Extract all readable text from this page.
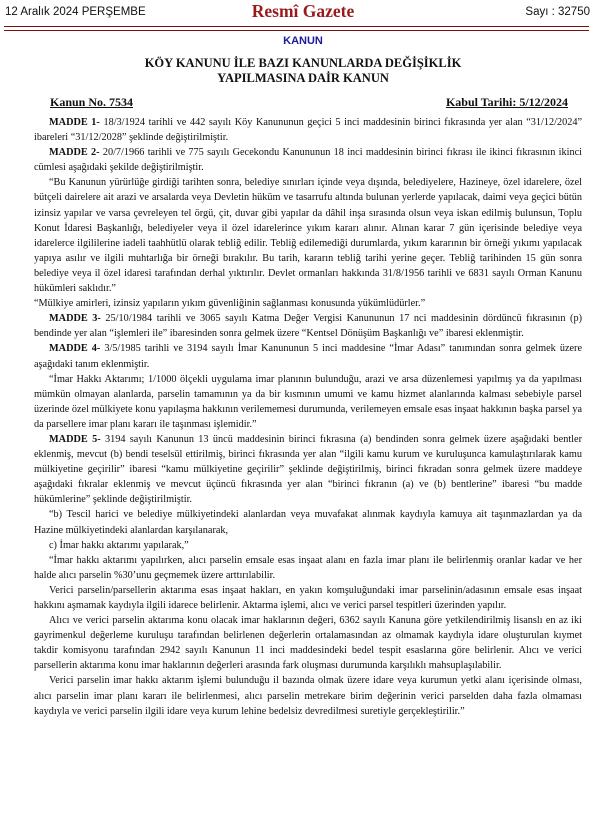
12 Aralık 2024 PERŞEMBE	Resmî Gazete	Sayı : 32750
KANUN
KÖY KANUNU İLE BAZI KANUNLARDA DEĞİŞİKLİK
YAPILMASINA DAİR KANUN
Kanun No. 7534	Kabul Tarihi: 5/12/2024

MADDE 1- 18/3/1924 tarihli ve 442 sayılı Köy Kanununun geçici 5 inci maddesinin birinci fıkrasında yer alan “31/12/2024” ibareleri “31/12/2028” şeklinde değiştirilmiştir.

MADDE 2- 20/7/1966 tarihli ve 775 sayılı Gecekondu Kanununun 18 inci maddesinin birinci fıkrası ile ikinci fıkrasının ikinci cümlesi aşağıdaki şekilde değiştirilmiştir.

“Bu Kanunun yürürlüğe girdiği tarihten sonra, belediye sınırları içinde veya dışında, belediyelere, Hazineye, özel idarelere, özel bütçeli dairelere ait arazi ve arsalarda veya Devletin hüküm ve tasarrufu altında bulunan yerlerde yapılacak, daimi veya geçici bütün izinsiz yapılar ve varsa çevreleyen tel örgü, çit, duvar gibi yapılar da dâhil inşa sırasında olsun veya iskan edilmiş bulunsun, Toplu Konut İdaresi Başkanlığı, belediyeler veya il özel idarelerince yıkım kararı alınır. Alınan karar 7 gün içerisinde belediye veya idarelerce ilgililerine iadeli taahhütlü olarak tebliğ edilir. Tebliğ edilemediği durumlarda, yıkım kararının bir örneği yıkımı yapılacak yapıya asılır ve ilgili muhtarlığa bir örneği bırakılır. Bu tarih, kararın tebliğ tarihi yerine geçer. Tebliğ tarihinden 15 gün sonra belediye veya il özel idaresi tarafından derhal yıktırılır. Devlet ormanları hakkında 31/8/1956 tarihli ve 6831 sayılı Orman Kanunu hükümleri saklıdır.”

“Mülkiye amirleri, izinsiz yapıların yıkım güvenliğinin sağlanması konusunda yükümlüdürler.”

MADDE 3- 25/10/1984 tarihli ve 3065 sayılı Katma Değer Vergisi Kanununun 17 nci maddesinin dördüncü fıkrasının (p) bendinde yer alan “işlemleri ile” ibaresinden sonra gelmek üzere “Kentsel Dönüşüm Başkanlığı ve” ibaresi eklenmiştir.

MADDE 4- 3/5/1985 tarihli ve 3194 sayılı İmar Kanununun 5 inci maddesine “İmar Adası” tanımından sonra gelmek üzere aşağıdaki tanım eklenmiştir.

“İmar Hakkı Aktarımı; 1/1000 ölçekli uygulama imar planının bulunduğu, arazi ve arsa düzenlemesi yapılmış ya da yapılması mümkün olmayan alanlarda, parselin tamamının ya da bir kısmının umumi ve kamu hizmet alanlarında kalması sebebiyle parsel üzerinde özel mülkiyete konu yapılaşma hakkının verilememesi durumunda, verilemeyen emsale esas inşaat hakkının başka parsel ya da parsellere imar planı kararı ile taşınması işlemidir.”

MADDE 5- 3194 sayılı Kanunun 13 üncü maddesinin birinci fıkrasına (a) bendinden sonra gelmek üzere aşağıdaki bentler eklenmiş, mevcut (b) bendi teselsül ettirilmiş, birinci fıkrasında yer alan “ilgili kamu kurum ve kuruluşunca kamulaştırılarak kamu mülkiyetine geçirilir” ibaresi “kamu mülkiyetine geçirilir” şeklinde değiştirilmiş, birinci fıkradan sonra gelmek üzere maddeye aşağıdaki fıkralar eklenmiş ve mevcut üçüncü fıkrasında yer alan “birinci fıkranın (a) ve (b) bentlerine” ibaresi “bu madde hükümlerine” şeklinde değiştirilmiştir.

“b) Tescil harici ve belediye mülkiyetindeki alanlardan veya muvafakat alınmak kaydıyla kamuya ait taşınmazlardan ya da Hazine mülkiyetindeki alanlardan karşılanarak,

c) İmar hakkı aktarımı yapılarak,”

“İmar hakkı aktarımı yapılırken, alıcı parselin emsale esas inşaat alanı en fazla imar planı ile belirlenmiş oranlar kadar ve her halde alıcı parselin %30’unu geçmemek üzere arttırılabilir.

Verici parselin/parsellerin aktarıma esas inşaat hakları, en yakın komşuluğundaki imar parselinin/adasının emsale esas inşaat hakkını aşmamak kaydıyla ilgili idarece belirlenir. Aktarma işlemi, alıcı ve verici parsel tespitleri üzerinden yapılır.

Alıcı ve verici parselin aktarıma konu olacak imar haklarının değeri, 6362 sayılı Kanuna göre yetkilendirilmiş lisanslı en az iki gayrimenkul değerleme kuruluşu tarafından belirlenen değerlerin ortalamasından az olmamak kaydıyla idare oluşturulan kıymet takdir komisyonu tarafından 2942 sayılı Kanunun 11 inci maddesindeki bedel tespit esaslarına göre belirlenir. Alıcı ve verici parsellerin aktarıma konu imar haklarının değerleri arasında fark oluşması durumunda karşılıklı mahsuplaşılabilir.

Verici parselin imar hakkı aktarım işlemi bulunduğu il bazında olmak üzere idare veya kurumun yetki alanı içerisinde olması, alıcı parselin imar planı kararı ile belirlenmesi, alıcı parselin metrekare birim değerinin verici parselden daha fazla olmaması kaydıyla ve verici parselin ilgili idare veya kurum lehine bedelsiz devredilmesi suretiyle gerçekleştirilir.”
